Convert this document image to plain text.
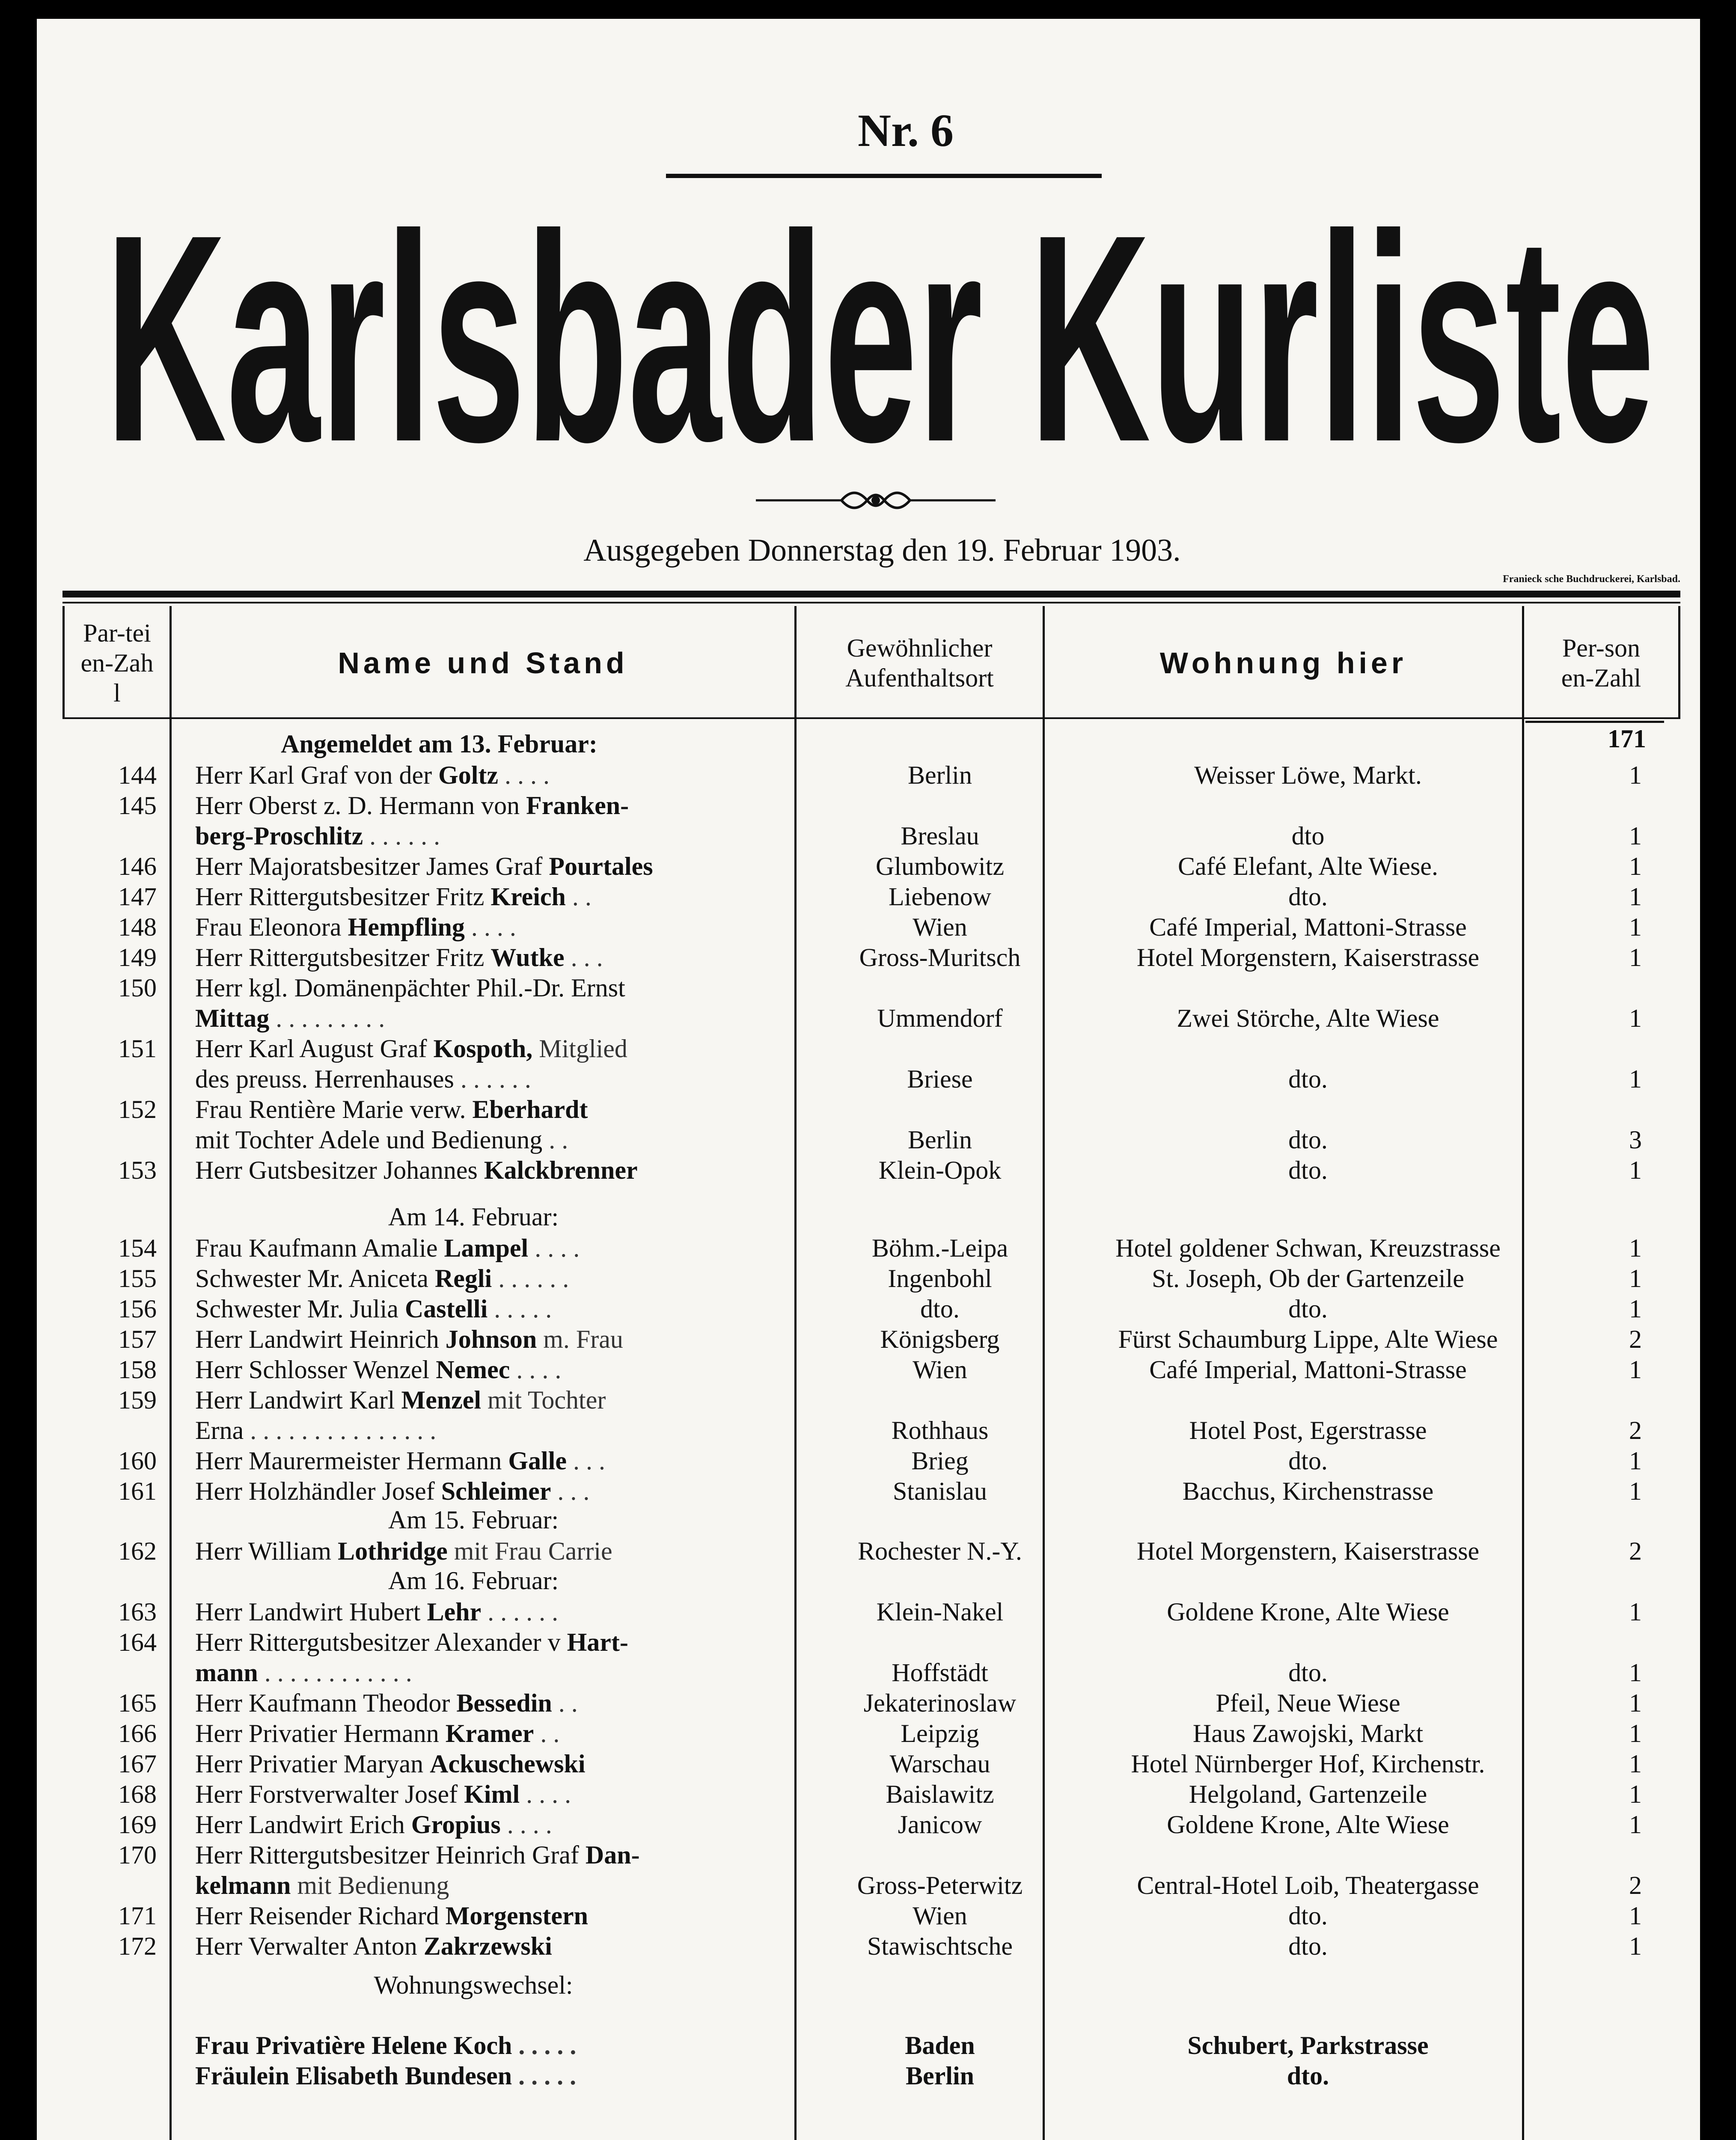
Nr. 6
Karlsbader Kurliste
Ausgegeben Donnerstag den 19. Februar 1903.
Franieck sche Buchdruckerei, Karlsbad.
Par-teien-Zahl
Name und Stand	Gewöhnlicher Aufenthaltsort	Wohnung hier	Per-sonen-Zahl
171
Angemeldet am 13. Februar:
Am 14. Februar:
Am 15. Februar:
Am 16. Februar:
Wohnungswechsel:
144 Herr Karl Graf von der Goltz . . . .	Berlin	Weisser Löwe, Markt.	1
145 Herr Oberst z. D. Hermann von Franken-
berg-Proschlitz . . . . . .	Breslau	dto	1
146 Herr Majoratsbesitzer James Graf Pourtales	Glumbowitz	Café Elefant, Alte Wiese.	1
147 Herr Rittergutsbesitzer Fritz Kreich . .	Liebenow	dto.	1
148 Frau Eleonora Hempfling . . . .	Wien	Café Imperial, Mattoni-Strasse	1
149 Herr Rittergutsbesitzer Fritz Wutke . . .	Gross-Muritsch	Hotel Morgenstern, Kaiserstrasse	1
150 Herr kgl. Domänenpächter Phil.-Dr. Ernst
Mittag . . . . . . . . .	Ummendorf	Zwei Störche, Alte Wiese	1
151 Herr Karl August Graf Kospoth, Mitglied
des preuss. Herrenhauses . . . . . .	Briese	dto.	1
152 Frau Rentière Marie verw. Eberhardt
mit Tochter Adele und Bedienung . .	Berlin	dto.	3
153 Herr Gutsbesitzer Johannes Kalckbrenner	Klein-Opok	dto.	1
154 Frau Kaufmann Amalie Lampel . . . .	Böhm.-Leipa	Hotel goldener Schwan, Kreuzstrasse	1
155 Schwester Mr. Aniceta Regli . . . . . .	Ingenbohl	St. Joseph, Ob der Gartenzeile	1
156 Schwester Mr. Julia Castelli . . . . .	dto.	dto.	1
157 Herr Landwirt Heinrich Johnson m. Frau	Königsberg	Fürst Schaumburg Lippe, Alte Wiese	2
158 Herr Schlosser Wenzel Nemec . . . .	Wien	Café Imperial, Mattoni-Strasse	1
159 Herr Landwirt Karl Menzel mit Tochter
Erna . . . . . . . . . . . . . . .	Rothhaus	Hotel Post, Egerstrasse	2
160 Herr Maurermeister Hermann Galle . . .	Brieg	dto.	1
161 Herr Holzhändler Josef Schleimer . . .	Stanislau	Bacchus, Kirchenstrasse	1
162 Herr William Lothridge mit Frau Carrie	Rochester N.-Y.	Hotel Morgenstern, Kaiserstrasse	2
163 Herr Landwirt Hubert Lehr . . . . . .	Klein-Nakel	Goldene Krone, Alte Wiese	1
164 Herr Rittergutsbesitzer Alexander v Hart-
mann . . . . . . . . . . . .	Hoffstädt	dto.	1
165 Herr Kaufmann Theodor Bessedin . .	Jekaterinoslaw	Pfeil, Neue Wiese	1
166 Herr Privatier Hermann Kramer . .	Leipzig	Haus Zawojski, Markt	1
167 Herr Privatier Maryan Ackuschewski	Warschau	Hotel Nürnberger Hof, Kirchenstr.	1
168 Herr Forstverwalter Josef Kiml . . . .	Baislawitz	Helgoland, Gartenzeile	1
169 Herr Landwirt Erich Gropius . . . .	Janicow	Goldene Krone, Alte Wiese	1
170 Herr Rittergutsbesitzer Heinrich Graf Dan-
kelmann mit Bedienung	Gross-Peterwitz	Central-Hotel Loib, Theatergasse	2
171 Herr Reisender Richard Morgenstern	Wien	dto.	1
172 Herr Verwalter Anton Zakrzewski	Stawischtsche	dto.	1
Frau Privatière Helene Koch . . . . .	Baden	Schubert, Parkstrasse
Fräulein Elisabeth Bundesen . . . . .	Berlin	dto.
